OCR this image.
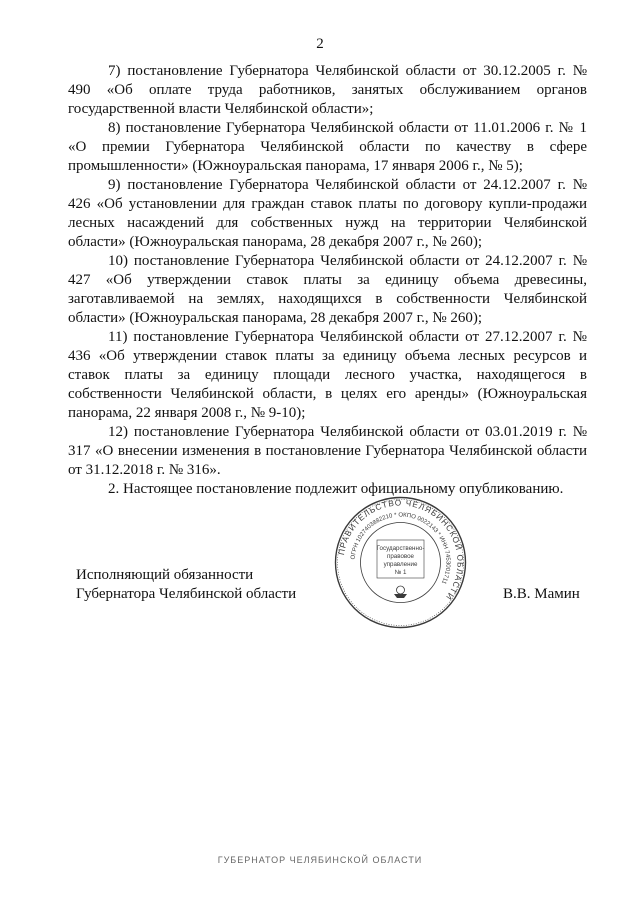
2

7) постановление Губернатора Челябинской области от 30.12.2005 г. № 490 «Об оплате труда работников, занятых обслуживанием органов государственной власти Челябинской области»;

8) постановление Губернатора Челябинской области от 11.01.2006 г. № 1 «О премии Губернатора Челябинской области по качеству в сфере промышленности» (Южноуральская панорама, 17 января 2006 г., № 5);

9) постановление Губернатора Челябинской области от 24.12.2007 г. № 426 «Об установлении для граждан ставок платы по договору купли-продажи лесных насаждений для собственных нужд на территории Челябинской области» (Южноуральская панорама, 28 декабря 2007 г., № 260);

10) постановление Губернатора Челябинской области от 24.12.2007 г. № 427 «Об утверждении ставок платы за единицу объема древесины, заготавливаемой на землях, находящихся в собственности Челябинской области» (Южноуральская панорама, 28 декабря 2007 г., № 260);

11) постановление Губернатора Челябинской области от 27.12.2007 г. № 436 «Об утверждении ставок платы за единицу объема лесных ресурсов и ставок платы за единицу площади лесного участка, находящегося в собственности Челябинской области, в целях его аренды» (Южноуральская панорама, 22 января 2008 г., № 9-10);

12) постановление Губернатора Челябинской области от 03.01.2019 г. № 317 «О внесении изменения в постановление Губернатора Челябинской области от 31.12.2018 г. № 316».

2. Настоящее постановление подлежит официальному опубликованию.

Исполняющий обязанности
Губернатора Челябинской области	В.В. Мамин
ПРАВИТЕЛЬСТВО ЧЕЛЯБИНСКОЙ ОБЛАСТИ
ОГРН 1027403882210 * ОКПО 0022143 * ИНН 7453001711
Государственно-
правовое
управление
№ 1
ГУБЕРНАТОР ЧЕЛЯБИНСКОЙ ОБЛАСТИ
